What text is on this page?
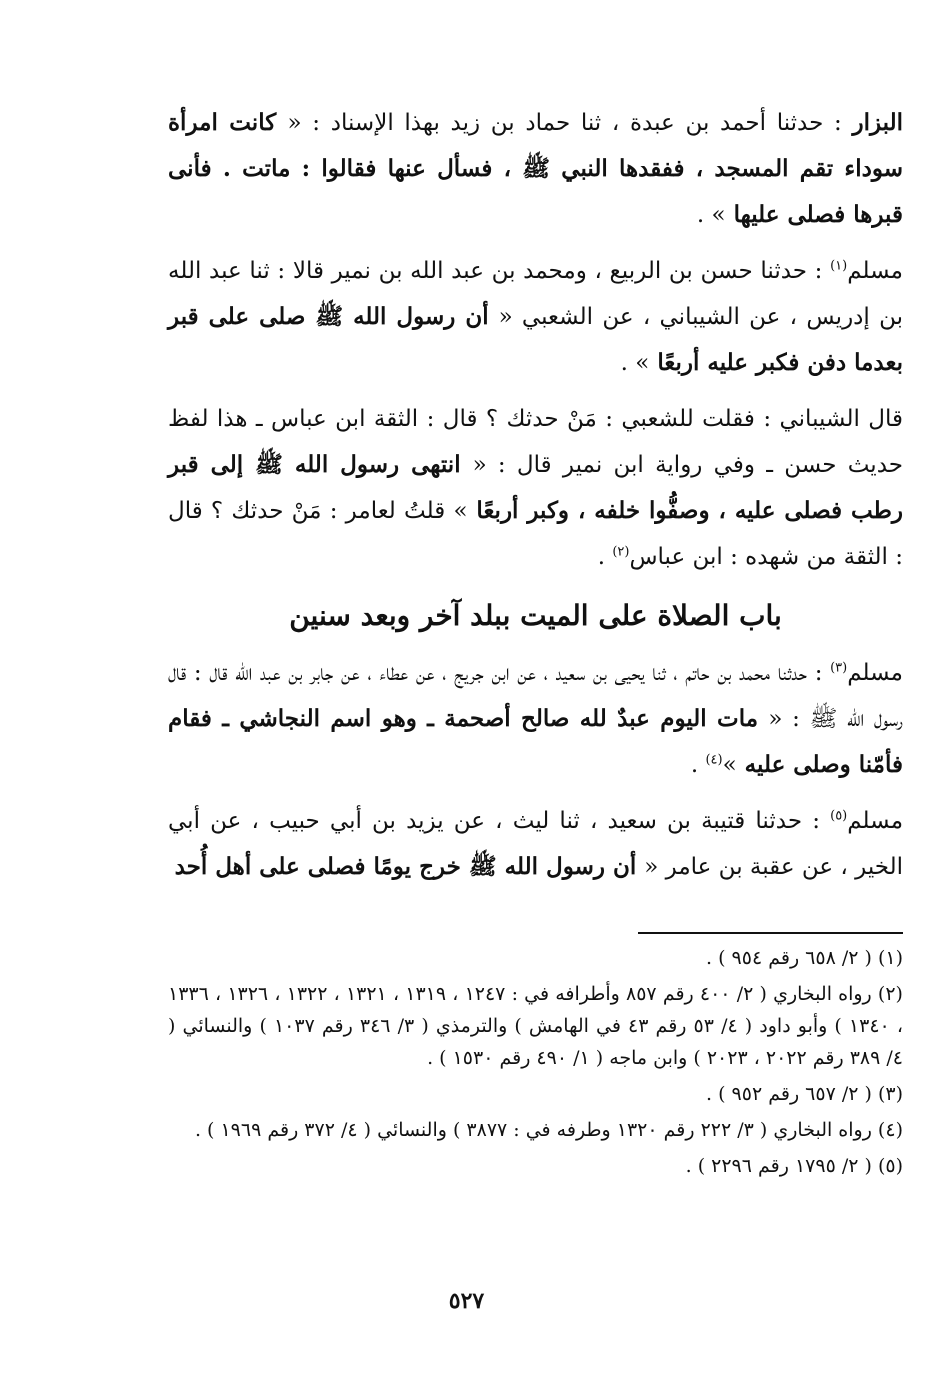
البزار : حدثنا أحمد بن عبدة ، ثنا حماد بن زيد بهذا الإسناد : « كانت امرأة سوداء تقم المسجد ، ففقدها النبي ﷺ ، فسأل عنها فقالوا : ماتت . فأنى قبرها فصلى عليها » .

مسلم$^{(١)}$ : حدثنا حسن بن الربيع ، ومحمد بن عبد الله بن نمير قالا : ثنا عبد الله بن إدريس ، عن الشيباني ، عن الشعبي « أن رسول الله ﷺ صلى على قبر بعدما دفن فكبر عليه أربعًا » .

قال الشيباني : فقلت للشعبي : مَنْ حدثك ؟ قال : الثقة ابن عباس ـ هذا لفظ حديث حسن ـ وفي رواية ابن نمير قال : « انتهى رسول الله ﷺ إلى قبر رطب فصلى عليه ، وصفُّوا خلفه ، وكبر أربعًا » قلتُ لعامر : مَنْ حدثك ؟ قال : الثقة من شهده : ابن عباس$^{(٢)}$ .

باب الصلاة على الميت ببلد آخر وبعد سنين

مسلم$^{(٣)}$ : حدثنا محمد بن حاتم ، ثنا يحيى بن سعيد ، عن ابن جريج ، عن عطاء ، عن جابر بن عبد الله قال : قال رسول الله ﷺ : « مات اليوم عبدٌ لله صالح أصحمة ـ وهو اسم النجاشي ـ فقام فأمّنا وصلى عليه »$^{(٤)}$ .

مسلم$^{(٥)}$ : حدثنا قتيبة بن سعيد ، ثنا ليث ، عن يزيد بن أبي حبيب ، عن أبي الخير ، عن عقبة بن عامر « أن رسول الله ﷺ خرج يومًا فصلى على أهل أُحد

(١) ( ٢/ ٦٥٨ رقم ٩٥٤ ) .

(٢) رواه البخاري ( ٢/ ٤٠٠ رقم ٨٥٧ وأطرافه في : ١٢٤٧ ، ١٣١٩ ، ١٣٢١ ، ١٣٢٢ ، ١٣٢٦ ، ١٣٣٦ ، ١٣٤٠ ) وأبو داود ( ٤/ ٥٣ رقم ٤٣ في الهامش ) والترمذي ( ٣/ ٣٤٦ رقم ١٠٣٧ ) والنسائي ( ٤/ ٣٨٩ رقم ٢٠٢٢ ، ٢٠٢٣ ) وابن ماجه ( ١/ ٤٩٠ رقم ١٥٣٠ ) .

(٣) ( ٢/ ٦٥٧ رقم ٩٥٢ ) .

(٤) رواه البخاري ( ٣/ ٢٢٢ رقم ١٣٢٠ وطرفه في : ٣٨٧٧ ) والنسائي ( ٤/ ٣٧٢ رقم ١٩٦٩ ) .

(٥) ( ٢/ ١٧٩٥ رقم ٢٢٩٦ ) .

٥٢٧
